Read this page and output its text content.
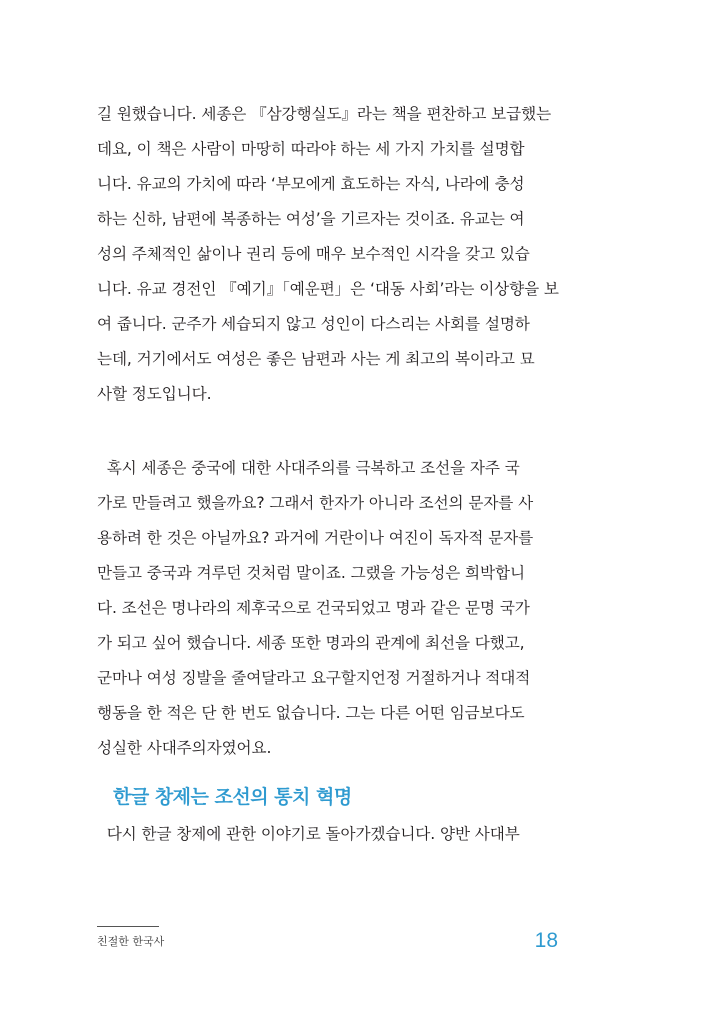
길 원했습니다. 세종은 『삼강행실도』라는 책을 편찬하고 보급했는
데요, 이 책은 사람이 마땅히 따라야 하는 세 가지 가치를 설명합
니다. 유교의 가치에 따라 ‘부모에게 효도하는 자식, 나라에 충성
하는 신하, 남편에 복종하는 여성’을 기르자는 것이죠. 유교는 여
성의 주체적인 삶이나 권리 등에 매우 보수적인 시각을 갖고 있습
니다. 유교 경전인 『예기』「예운편」은 ‘대동 사회’라는 이상향을 보
여 줍니다. 군주가 세습되지 않고 성인이 다스리는 사회를 설명하
는데, 거기에서도 여성은 좋은 남편과 사는 게 최고의 복이라고 묘
사할 정도입니다.
혹시 세종은 중국에 대한 사대주의를 극복하고 조선을 자주 국
가로 만들려고 했을까요? 그래서 한자가 아니라 조선의 문자를 사
용하려 한 것은 아닐까요? 과거에 거란이나 여진이 독자적 문자를
만들고 중국과 겨루던 것처럼 말이죠. 그랬을 가능성은 희박합니
다. 조선은 명나라의 제후국으로 건국되었고 명과 같은 문명 국가
가 되고 싶어 했습니다. 세종 또한 명과의 관계에 최선을 다했고,
군마나 여성 징발을 줄여달라고 요구할지언정 거절하거나 적대적
행동을 한 적은 단 한 번도 없습니다. 그는 다른 어떤 임금보다도
성실한 사대주의자였어요.
한글 창제는 조선의 통치 혁명
다시 한글 창제에 관한 이야기로 돌아가겠습니다. 양반 사대부
친절한 한국사	18
